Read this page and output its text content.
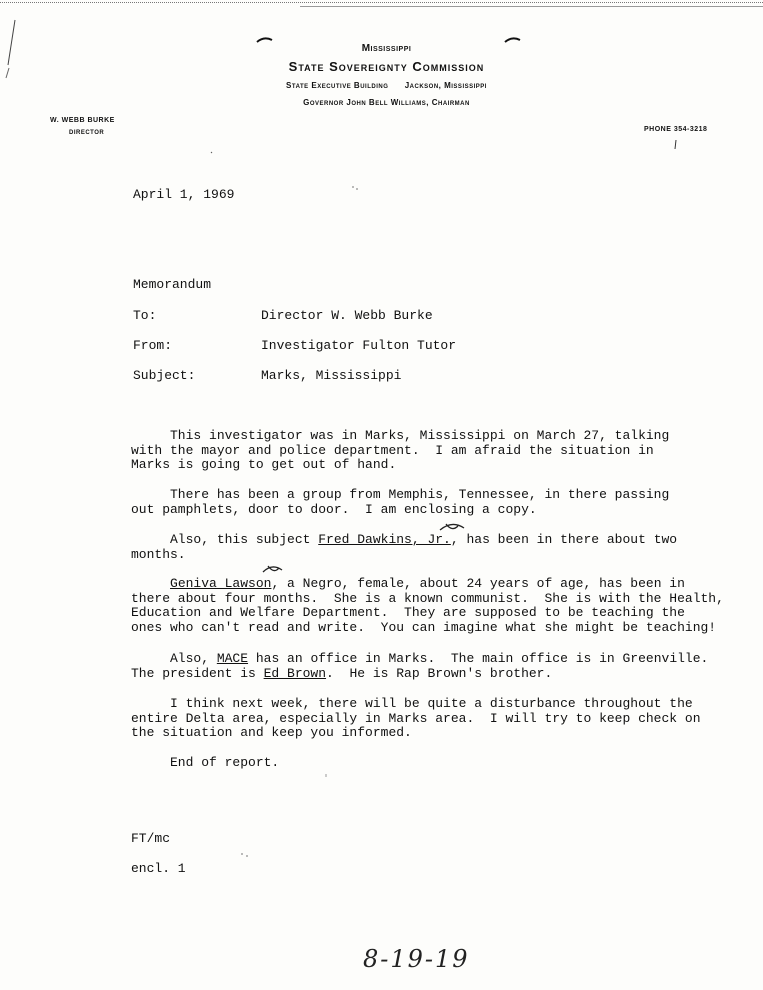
Mississippi

State Sovereignty Commission

State Executive Building      Jackson, Mississippi

Governor John Bell Williams, Chairman

W. WEBB BURKE
DIRECTOR	PHONE 354-3218

April 1, 1969

Memorandum

To:	Director W. Webb Burke

From:	Investigator Fulton Tutor

Subject:	Marks, Mississippi

This investigator was in Marks, Mississippi on March 27, talking
with the mayor and police department.  I am afraid the situation in
Marks is going to get out of hand.

There has been a group from Memphis, Tennessee, in there passing
out pamphlets, door to door.  I am enclosing a copy.

Also, this subject Fred Dawkins, Jr., has been in there about two
months.

Geniva Lawson, a Negro, female, about 24 years of age, has been in
there about four months.  She is a known communist.  She is with the Health,
Education and Welfare Department.  They are supposed to be teaching the
ones who can't read and write.  You can imagine what she might be teaching!

Also, MACE has an office in Marks.  The main office is in Greenville.
The president is Ed Brown.  He is Rap Brown's brother.

I think next week, there will be quite a disturbance throughout the
entire Delta area, especially in Marks area.  I will try to keep check on
the situation and keep you informed.

End of report.

FT/mc

encl. 1

8-19-19
